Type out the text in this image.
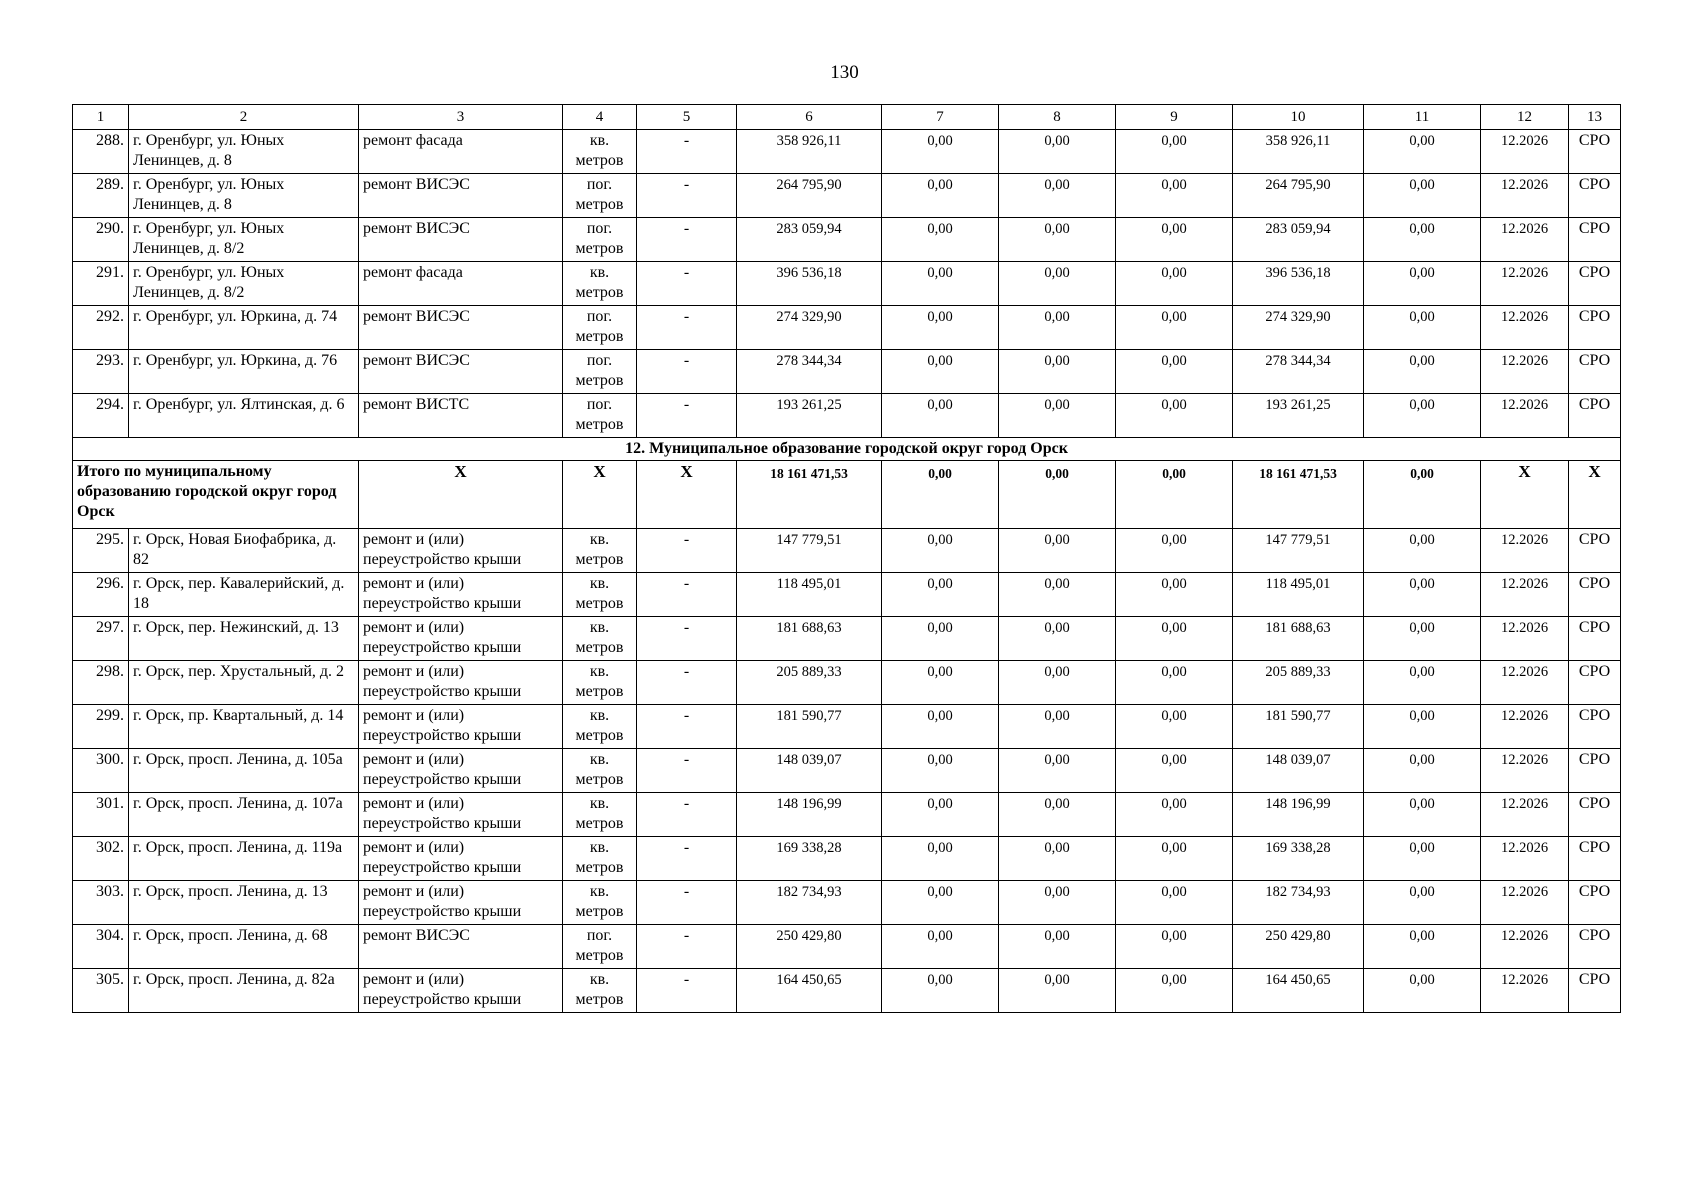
130
1	2	3	4	5	6	7	8	9	10	11	12	13
288.	г. Оренбург, ул. Юных Ленинцев, д. 8	ремонт фасада	кв. метров	-	358 926,11	0,00	0,00	0,00	358 926,11	0,00	12.2026	СРО
289.	г. Оренбург, ул. Юных Ленинцев, д. 8	ремонт ВИСЭС	пог. метров	-	264 795,90	0,00	0,00	0,00	264 795,90	0,00	12.2026	СРО
290.	г. Оренбург, ул. Юных Ленинцев, д. 8/2	ремонт ВИСЭС	пог. метров	-	283 059,94	0,00	0,00	0,00	283 059,94	0,00	12.2026	СРО
291.	г. Оренбург, ул. Юных Ленинцев, д. 8/2	ремонт фасада	кв. метров	-	396 536,18	0,00	0,00	0,00	396 536,18	0,00	12.2026	СРО
292.	г. Оренбург, ул. Юркина, д. 74	ремонт ВИСЭС	пог. метров	-	274 329,90	0,00	0,00	0,00	274 329,90	0,00	12.2026	СРО
293.	г. Оренбург, ул. Юркина, д. 76	ремонт ВИСЭС	пог. метров	-	278 344,34	0,00	0,00	0,00	278 344,34	0,00	12.2026	СРО
294.	г. Оренбург, ул. Ялтинская, д. 6	ремонт ВИСТС	пог. метров	-	193 261,25	0,00	0,00	0,00	193 261,25	0,00	12.2026	СРО
12. Муниципальное образование городской округ город Орск												
Итого по муниципальному образованию городской округ город Орск		X	X	X	18 161 471,53	0,00	0,00	0,00	18 161 471,53	0,00	X	X
295.	г. Орск, Новая Биофабрика, д. 82	ремонт и (или) переустройство крыши	кв. метров	-	147 779,51	0,00	0,00	0,00	147 779,51	0,00	12.2026	СРО
296.	г. Орск, пер. Кавалерийский, д. 18	ремонт и (или) переустройство крыши	кв. метров	-	118 495,01	0,00	0,00	0,00	118 495,01	0,00	12.2026	СРО
297.	г. Орск, пер. Нежинский, д. 13	ремонт и (или) переустройство крыши	кв. метров	-	181 688,63	0,00	0,00	0,00	181 688,63	0,00	12.2026	СРО
298.	г. Орск, пер. Хрустальный, д. 2	ремонт и (или) переустройство крыши	кв. метров	-	205 889,33	0,00	0,00	0,00	205 889,33	0,00	12.2026	СРО
299.	г. Орск, пр. Квартальный, д. 14	ремонт и (или) переустройство крыши	кв. метров	-	181 590,77	0,00	0,00	0,00	181 590,77	0,00	12.2026	СРО
300.	г. Орск, просп. Ленина, д. 105а	ремонт и (или) переустройство крыши	кв. метров	-	148 039,07	0,00	0,00	0,00	148 039,07	0,00	12.2026	СРО
301.	г. Орск, просп. Ленина, д. 107а	ремонт и (или) переустройство крыши	кв. метров	-	148 196,99	0,00	0,00	0,00	148 196,99	0,00	12.2026	СРО
302.	г. Орск, просп. Ленина, д. 119а	ремонт и (или) переустройство крыши	кв. метров	-	169 338,28	0,00	0,00	0,00	169 338,28	0,00	12.2026	СРО
303.	г. Орск, просп. Ленина, д. 13	ремонт и (или) переустройство крыши	кв. метров	-	182 734,93	0,00	0,00	0,00	182 734,93	0,00	12.2026	СРО
304.	г. Орск, просп. Ленина, д. 68	ремонт ВИСЭС	пог. метров	-	250 429,80	0,00	0,00	0,00	250 429,80	0,00	12.2026	СРО
305.	г. Орск, просп. Ленина, д. 82а	ремонт и (или) переустройство крыши	кв. метров	-	164 450,65	0,00	0,00	0,00	164 450,65	0,00	12.2026	СРО
